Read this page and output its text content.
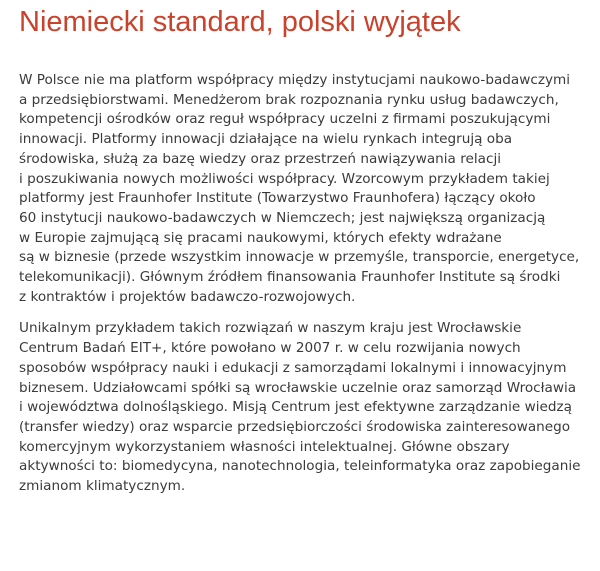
Niemiecki standard, polski wyjątek

W Polsce nie ma platform współpracy między instytucjami naukowo-badawczymi
a przedsiębiorstwami. Menedżerom brak rozpoznania rynku usług badawczych,
kompetencji ośrodków oraz reguł współpracy uczelni z firmami poszukującymi
innowacji. Platformy innowacji działające na wielu rynkach integrują oba
środowiska, służą za bazę wiedzy oraz przestrzeń nawiązywania relacji
i poszukiwania nowych możliwości współpracy. Wzorcowym przykładem takiej
platformy jest Fraunhofer Institute (Towarzystwo Fraunhofera) łączący około
60 instytucji naukowo-badawczych w Niemczech; jest największą organizacją
w Europie zajmującą się pracami naukowymi, których efekty wdrażane
są w biznesie (przede wszystkim innowacje w przemyśle, transporcie, energetyce,
telekomunikacji). Głównym źródłem finansowania Fraunhofer Institute są środki
z kontraktów i projektów badawczo-rozwojowych.

Unikalnym przykładem takich rozwiązań w naszym kraju jest Wrocławskie
Centrum Badań EIT+, które powołano w 2007 r. w celu rozwijania nowych
sposobów współpracy nauki i edukacji z samorządami lokalnymi i innowacyjnym
biznesem. Udziałowcami spółki są wrocławskie uczelnie oraz samorząd Wrocławia
i województwa dolnośląskiego. Misją Centrum jest efektywne zarządzanie wiedzą
(transfer wiedzy) oraz wsparcie przedsiębiorczości środowiska zainteresowanego
komercyjnym wykorzystaniem własności intelektualnej. Główne obszary
aktywności to: biomedycyna, nanotechnologia, teleinformatyka oraz zapobieganie
zmianom klimatycznym.
